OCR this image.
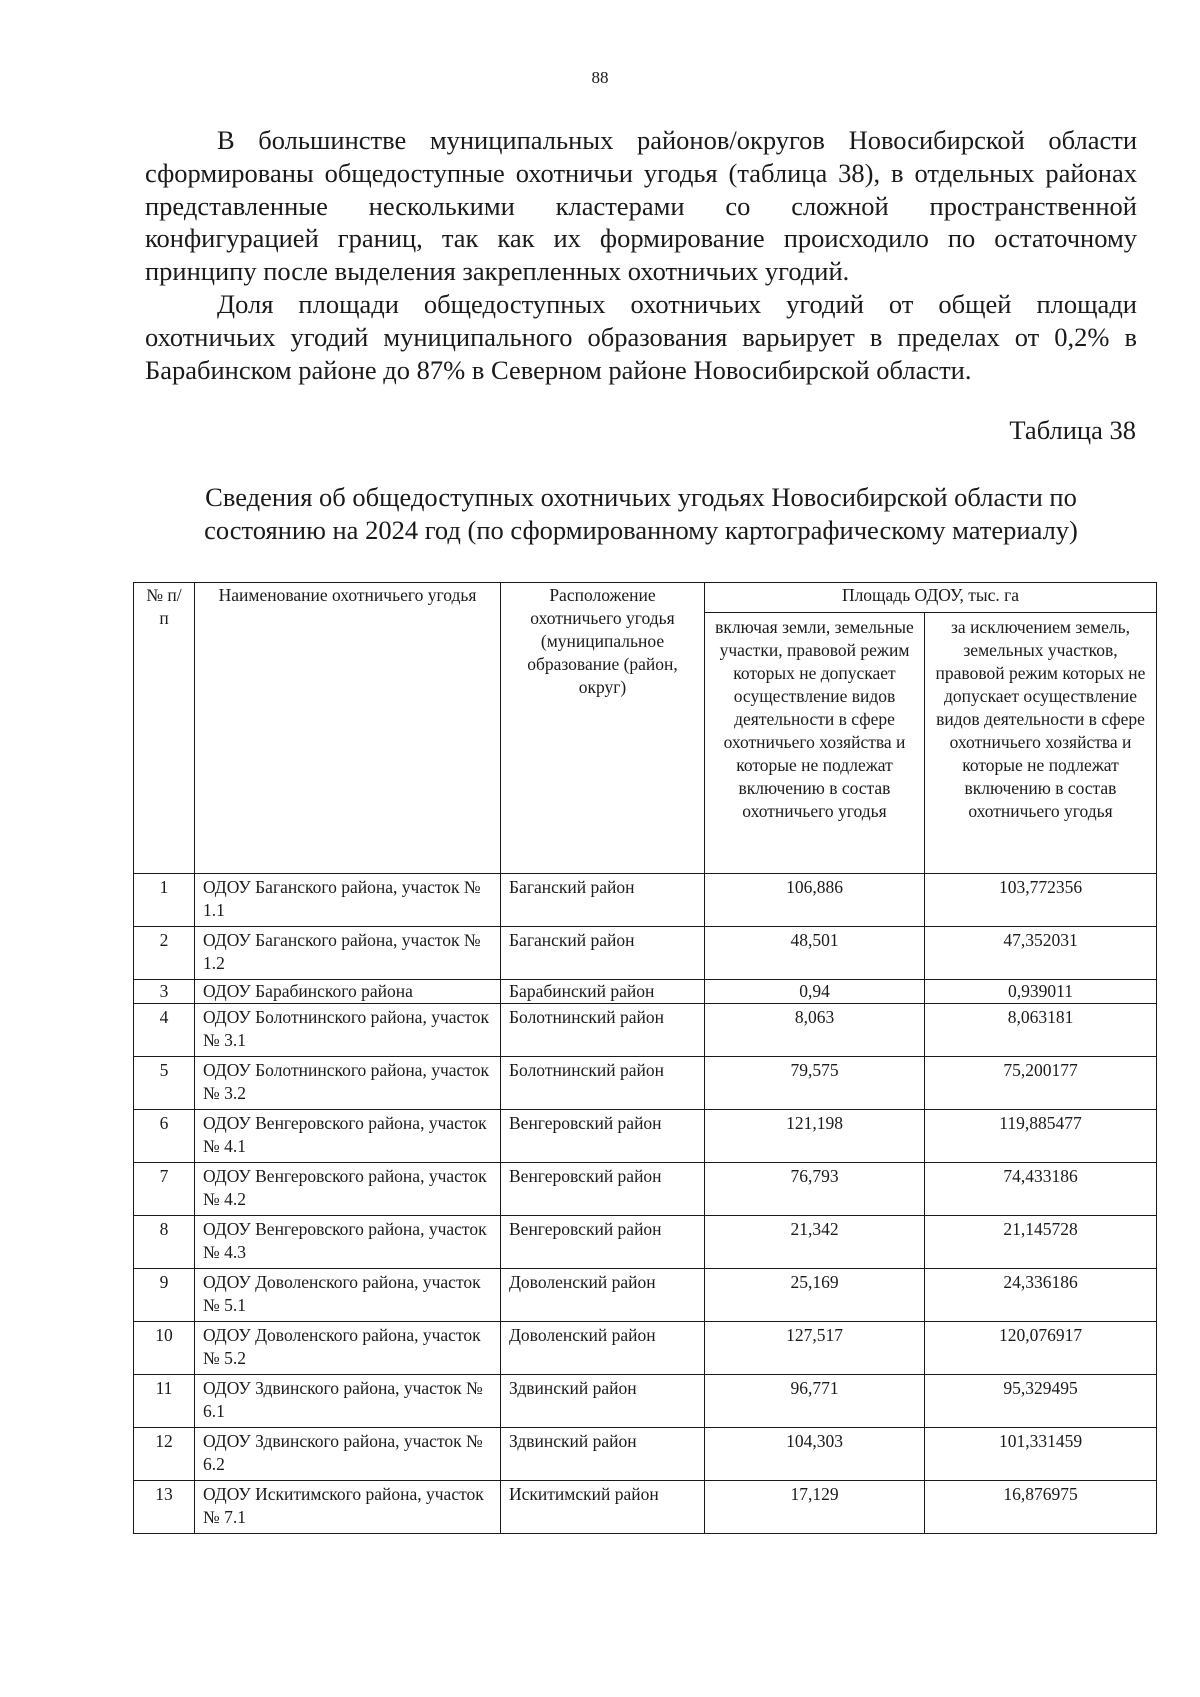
88

В большинстве муниципальных районов/округов Новосибирской области сформированы общедоступные охотничьи угодья (таблица 38), в отдельных районах представленные несколькими кластерами со сложной пространственной конфигурацией границ, так как их формирование происходило по остаточному принципу после выделения закрепленных охотничьих угодий.

Доля площади общедоступных охотничьих угодий от общей площади охотничьих угодий муниципального образования варьирует в пределах от 0,2% в Барабинском районе до 87% в Северном районе Новосибирской области.

Таблица 38
Сведения об общедоступных охотничьих угодьях Новосибирской области по состоянию на 2024 год (по сформированному картографическому материалу)
№ п/п	Наименование охотничьего угодья	Расположение охотничьего угодья (муниципальное образование (район, округ)	Площадь ОДОУ, тыс. га	
			включая земли, земельные участки, правовой режим которых не допускает осуществление видов деятельности в сфере охотничьего хозяйства и которые не подлежат включению в состав охотничьего угодья	за исключением земель, земельных участков, правовой режим которых не допускает осуществление видов деятельности в сфере охотничьего хозяйства и которые не подлежат включению в состав охотничьего угодья
1	ОДОУ Баганского района, участок № 1.1	Баганский район	106,886	103,772356
2	ОДОУ Баганского района, участок № 1.2	Баганский район	48,501	47,352031
3	ОДОУ Барабинского района	Барабинский район	0,94	0,939011
4	ОДОУ Болотнинского района, участок № 3.1	Болотнинский район	8,063	8,063181
5	ОДОУ Болотнинского района, участок № 3.2	Болотнинский район	79,575	75,200177
6	ОДОУ Венгеровского района, участок № 4.1	Венгеровский район	121,198	119,885477
7	ОДОУ Венгеровского района, участок № 4.2	Венгеровский район	76,793	74,433186
8	ОДОУ Венгеровского района, участок № 4.3	Венгеровский район	21,342	21,145728
9	ОДОУ Доволенского района, участок № 5.1	Доволенский район	25,169	24,336186
10	ОДОУ Доволенского района, участок № 5.2	Доволенский район	127,517	120,076917
11	ОДОУ Здвинского района, участок № 6.1	Здвинский район	96,771	95,329495
12	ОДОУ Здвинского района, участок № 6.2	Здвинский район	104,303	101,331459
13	ОДОУ Искитимского района, участок № 7.1	Искитимский район	17,129	16,876975
